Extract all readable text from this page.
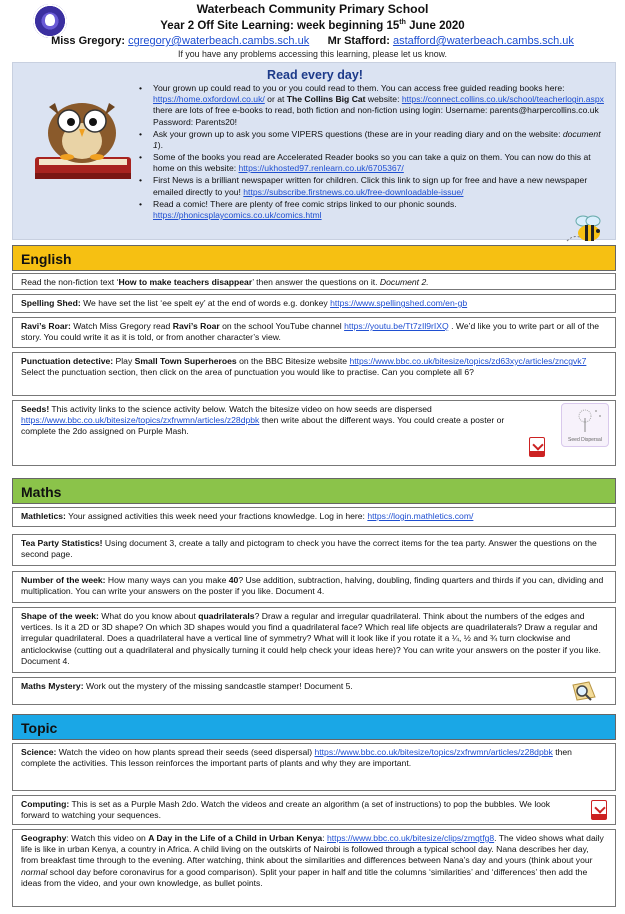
Waterbeach Community Primary School
Year 2 Off Site Learning: week beginning 15th June 2020
Miss Gregory: cgregory@waterbeach.cambs.sch.uk Mr Stafford: astafford@waterbeach.cambs.sch.uk
If you have any problems accessing this learning, please let us know.
Read every day!
• Your grown up could read to you or you could read to them. You can access free guided reading books here: https://home.oxfordowl.co.uk/ or at The Collins Big Cat website: https://connect.collins.co.uk/school/teacherlogin.aspx there are lots of free e-books to read, both fiction and non-fiction using login: Username: parents@harpercollins.co.uk Password: Parents20!
• Ask your grown up to ask you some VIPERS questions (these are in your reading diary and on the website: document 1).
• Some of the books you read are Accelerated Reader books so you can take a quiz on them. You can now do this at home on this website: https://ukhosted97.renlearn.co.uk/6705367/
• First News is a brilliant newspaper written for children. Click this link to sign up for free and have a new newspaper emailed directly to you! https://subscribe.firstnews.co.uk/free-downloadable-issue/
• Read a comic! There are plenty of free comic strips linked to our phonic sounds. https://phonicsplaycomics.co.uk/comics.html
English
Read the non-fiction text ‘How to make teachers disappear’ then answer the questions on it. Document 2.
Spelling Shed: We have set the list ‘ee spelt ey’ at the end of words e.g. donkey https://www.spellingshed.com/en-gb
Ravi’s Roar: Watch Miss Gregory read Ravi’s Roar on the school YouTube channel https://youtu.be/Tt7zIl9rIXQ . We’d like you to write part or all of the story. You could write it as it is told, or from another character’s view.
Punctuation detective: Play Small Town Superheroes on the BBC Bitesize website https://www.bbc.co.uk/bitesize/topics/zd63xyc/articles/zncgvk7 Select the punctuation section, then click on the area of punctuation you would like to practise. Can you complete all 6?
Seeds! This activity links to the science activity below. Watch the bitesize video on how seeds are dispersed https://www.bbc.co.uk/bitesize/topics/zxfrwmn/articles/z28dpbk then write about the different ways. You could create a poster or complete the 2do assigned on Purple Mash.
Seed Dispersal
Maths
Mathletics: Your assigned activities this week need your fractions knowledge. Log in here: https://login.mathletics.com/
Tea Party Statistics! Using document 3, create a tally and pictogram to check you have the correct items for the tea party. Answer the questions on the second page.
Number of the week: How many ways can you make 40? Use addition, subtraction, halving, doubling, finding quarters and thirds if you can, dividing and multiplication. You can write your answers on the poster if you like. Document 4.
Shape of the week: What do you know about quadrilaterals? Draw a regular and irregular quadrilateral. Think about the numbers of the edges and vertices. Is it a 2D or 3D shape? On which 3D shapes would you find a quadrilateral face? Which real life objects are quadrilaterals? Draw a regular and irregular quadrilateral. Does a quadrilateral have a vertical line of symmetry? What will it look like if you rotate it a ¼, ½ and ¾ turn clockwise and anticlockwise (cutting out a quadrilateral and physically turning it could help check your ideas here)? You can write your answers on the poster if you like. Document 4.
Maths Mystery: Work out the mystery of the missing sandcastle stamper! Document 5.
Topic
Science: Watch the video on how plants spread their seeds (seed dispersal) https://www.bbc.co.uk/bitesize/topics/zxfrwmn/articles/z28dpbk then complete the activities. This lesson reinforces the important parts of plants and why they are important.
Computing: This is set as a Purple Mash 2do. Watch the videos and create an algorithm (a set of instructions) to pop the bubbles. We look forward to watching your sequences.
Geography: Watch this video on A Day in the Life of a Child in Urban Kenya: https://www.bbc.co.uk/bitesize/clips/zmqtfg8. The video shows what daily life is like in urban Kenya, a country in Africa. A child living on the outskirts of Nairobi is followed through a typical school day. Nana describes her day, from breakfast time through to the evening. After watching, think about the similarities and differences between Nana’s day and yours (think about your normal school day before coronavirus for a good comparison). Split your paper in half and title the columns ‘similarities’ and ‘differences’ then add the ideas from the video, and your own knowledge, as bullet points.
